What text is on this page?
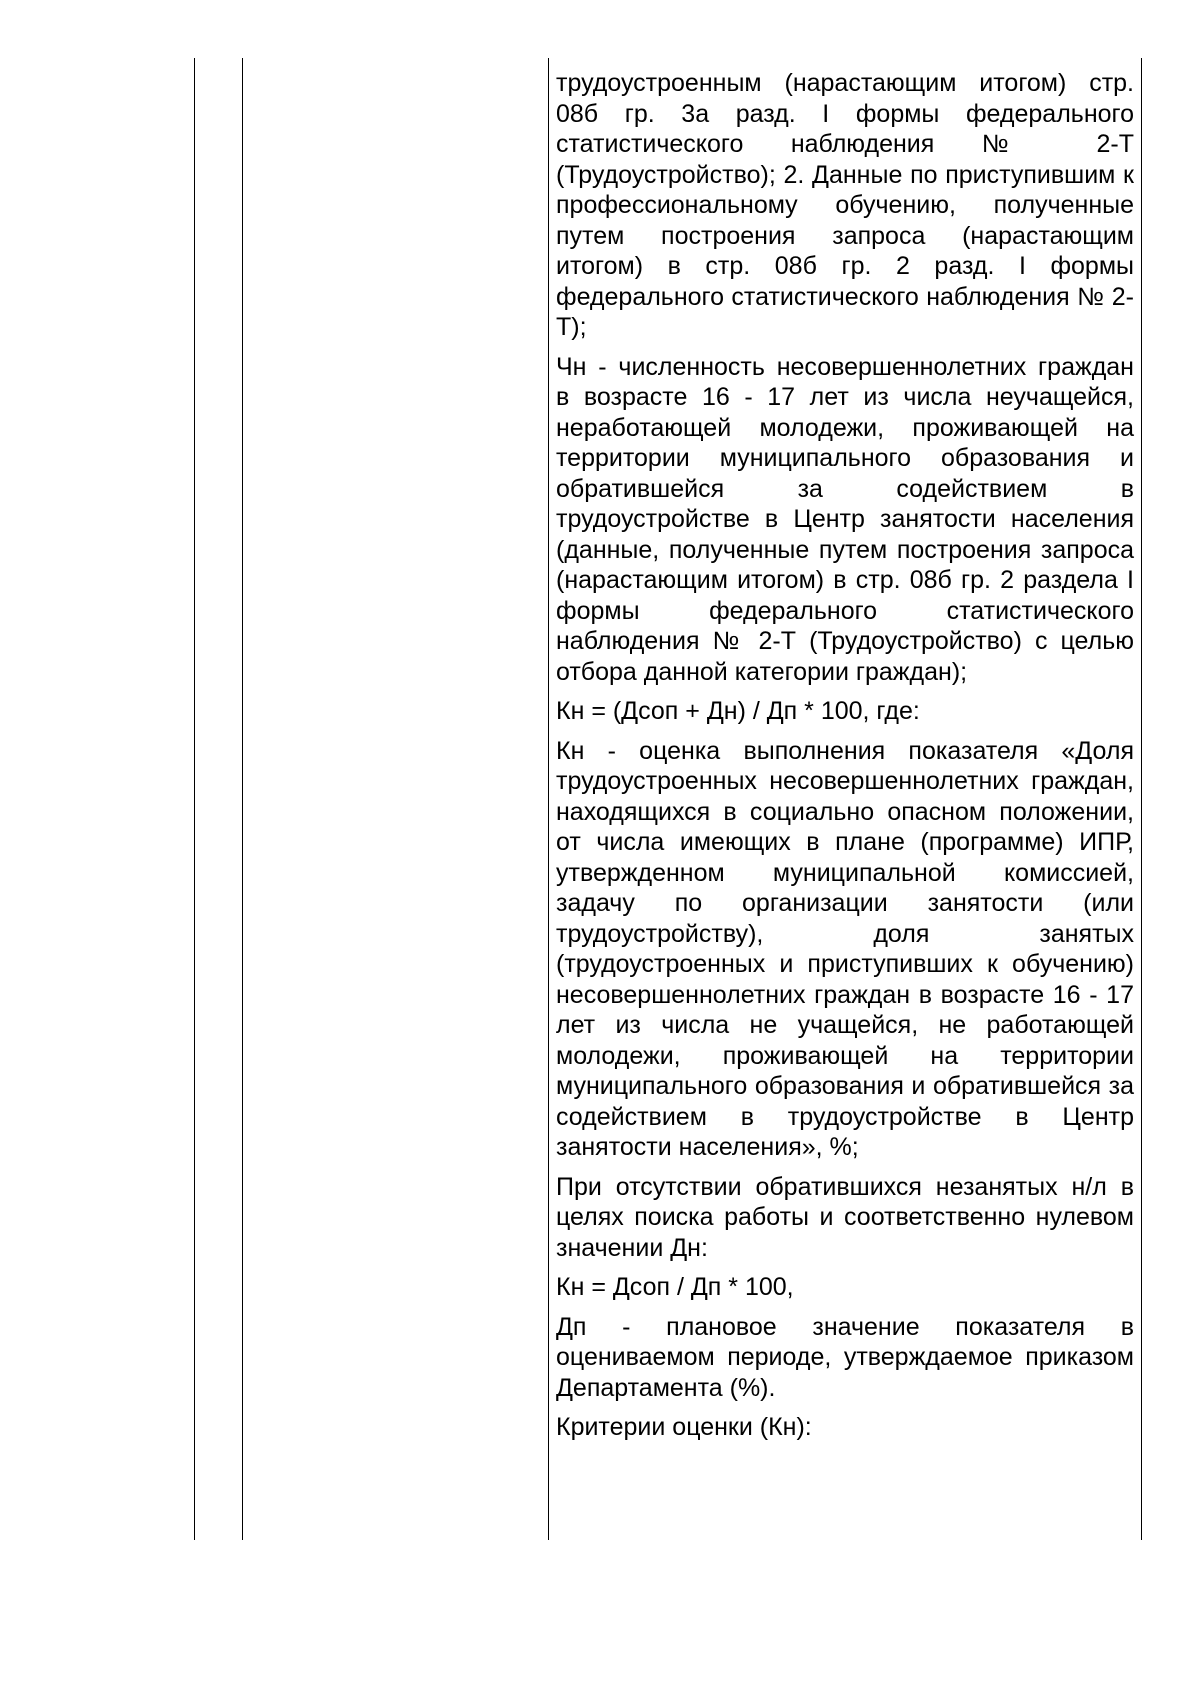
трудоустроенным (нарастающим итогом) стр. 08б гр. 3а разд. I формы федерального статистического наблюдения № 2-Т (Трудоустройство); 2. Данные по приступившим к профессиональному обучению, полученные путем построения запроса (нарастающим итогом) в стр. 08б гр. 2 разд. I формы федерального статистического наблюдения № 2-Т);

Чн - численность несовершеннолетних граждан в возрасте 16 - 17 лет из числа неучащейся, неработающей молодежи, проживающей на территории муниципального образования и обратившейся за содействием в трудоустройстве в Центр занятости населения (данные, полученные путем построения запроса (нарастающим итогом) в стр. 08б гр. 2 раздела I формы федерального статистического наблюдения № 2-Т (Трудоустройство) с целью отбора данной категории граждан);

Кн = (Дсоп + Дн) / Дп * 100, где:

Кн - оценка выполнения показателя «Доля трудоустроенных несовершеннолетних граждан, находящихся в социально опасном положении, от числа имеющих в плане (программе) ИПР, утвержденном муниципальной комиссией, задачу по организации занятости (или трудоустройству), доля занятых (трудоустроенных и приступивших к обучению) несовершеннолетних граждан в возрасте 16 - 17 лет из числа не учащейся, не работающей молодежи, проживающей на территории муниципального образования и обратившейся за содействием в трудоустройстве в Центр занятости населения», %;

При отсутствии обратившихся незанятых н/л в целях поиска работы и соответственно нулевом значении Дн:

Кн = Дсоп / Дп * 100,

Дп - плановое значение показателя в оцениваемом периоде, утверждаемое приказом Департамента (%).

Критерии оценки (Кн):
